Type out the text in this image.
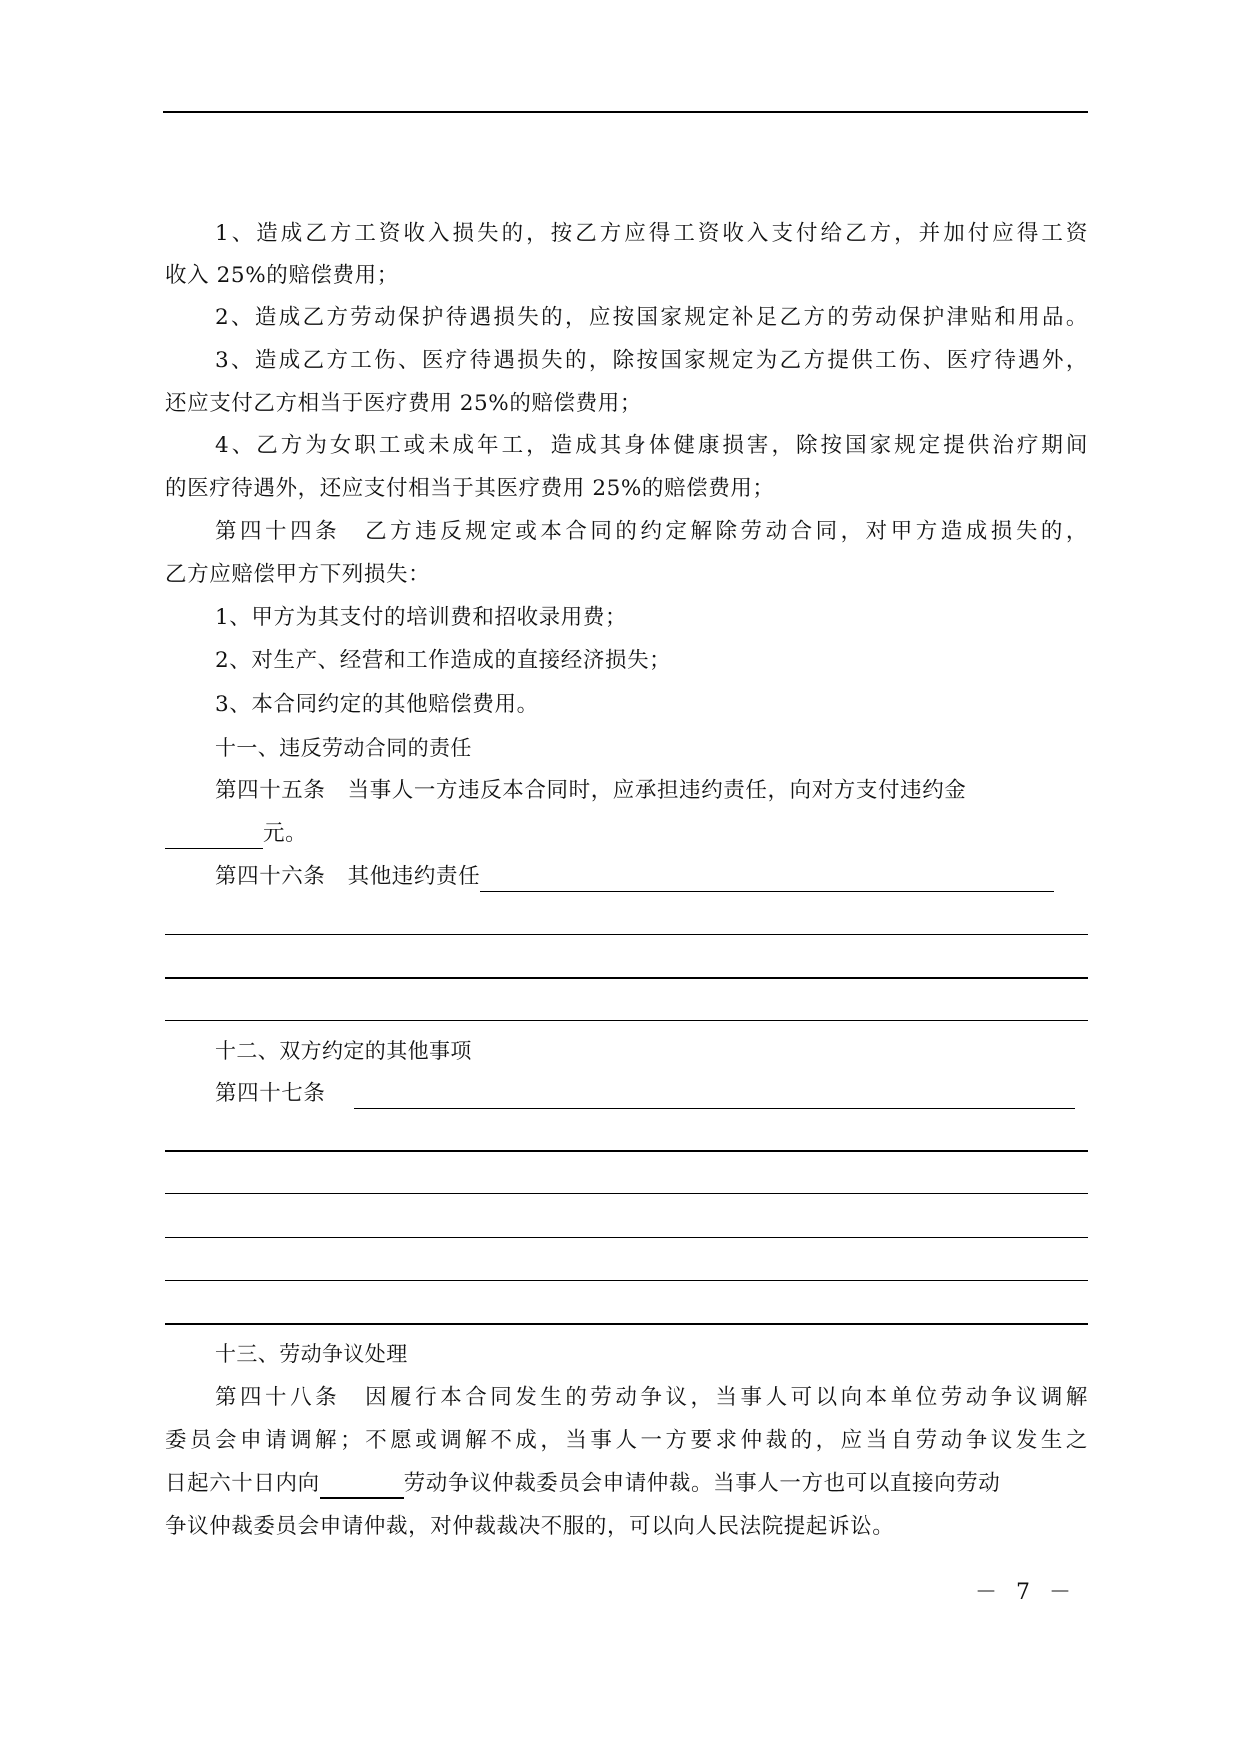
1、造成乙方工资收入损失的，按乙方应得工资收入支付给乙方，并加付应得工资
收入 25%的赔偿费用；
2、造成乙方劳动保护待遇损失的，应按国家规定补足乙方的劳动保护津贴和用品。
3、造成乙方工伤、医疗待遇损失的，除按国家规定为乙方提供工伤、医疗待遇外，
还应支付乙方相当于医疗费用 25%的赔偿费用；
4、乙方为女职工或未成年工，造成其身体健康损害，除按国家规定提供治疗期间
的医疗待遇外，还应支付相当于其医疗费用 25%的赔偿费用；
第四十四条　乙方违反规定或本合同的约定解除劳动合同，对甲方造成损失的，
乙方应赔偿甲方下列损失：
1、甲方为其支付的培训费和招收录用费；
2、对生产、经营和工作造成的直接经济损失；
3、本合同约定的其他赔偿费用。
十一、违反劳动合同的责任
第四十五条　当事人一方违反本合同时，应承担违约责任，向对方支付违约金
元。
第四十六条　其他违约责任
十二、双方约定的其他事项
第四十七条
十三、劳动争议处理
第四十八条　因履行本合同发生的劳动争议，当事人可以向本单位劳动争议调解
委员会申请调解；不愿或调解不成，当事人一方要求仲裁的，应当自劳动争议发生之
日起六十日内向	劳动争议仲裁委员会申请仲裁。当事人一方也可以直接向劳动
争议仲裁委员会申请仲裁，对仲裁裁决不服的，可以向人民法院提起诉讼。
－ 7 －
